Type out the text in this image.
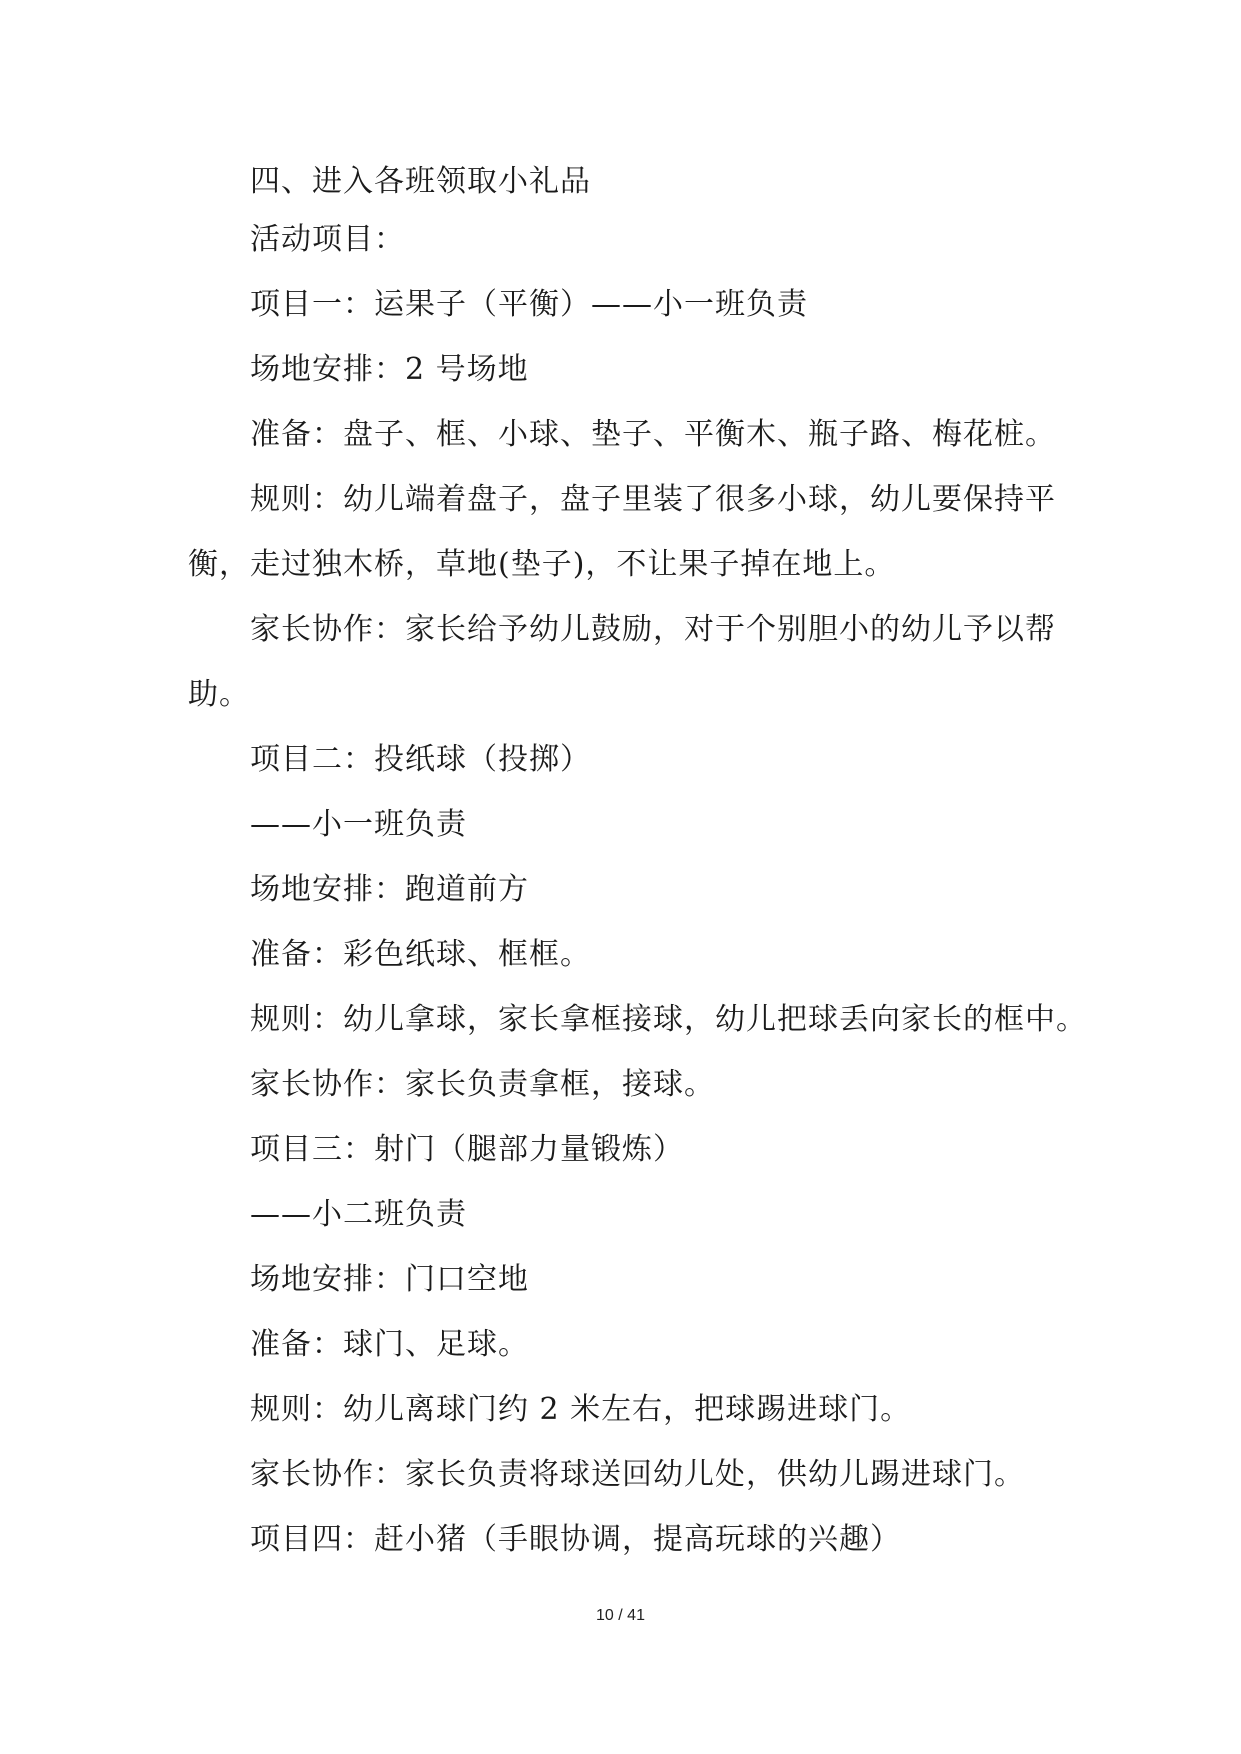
四、进入各班领取小礼品
活动项目：
项目一：运果子（平衡）——小一班负责
场地安排：2 号场地
准备：盘子、框、小球、垫子、平衡木、瓶子路、梅花桩。
规则：幼儿端着盘子，盘子里装了很多小球，幼儿要保持平
衡，走过独木桥，草地(垫子)，不让果子掉在地上。
家长协作：家长给予幼儿鼓励，对于个别胆小的幼儿予以帮
助。
项目二：投纸球（投掷）
——小一班负责
场地安排：跑道前方
准备：彩色纸球、框框。
规则：幼儿拿球，家长拿框接球，幼儿把球丢向家长的框中。
家长协作：家长负责拿框，接球。
项目三：射门（腿部力量锻炼）
——小二班负责
场地安排：门口空地
准备：球门、足球。
规则：幼儿离球门约 2 米左右，把球踢进球门。
家长协作：家长负责将球送回幼儿处，供幼儿踢进球门。
项目四：赶小猪（手眼协调，提高玩球的兴趣）
10 / 41
